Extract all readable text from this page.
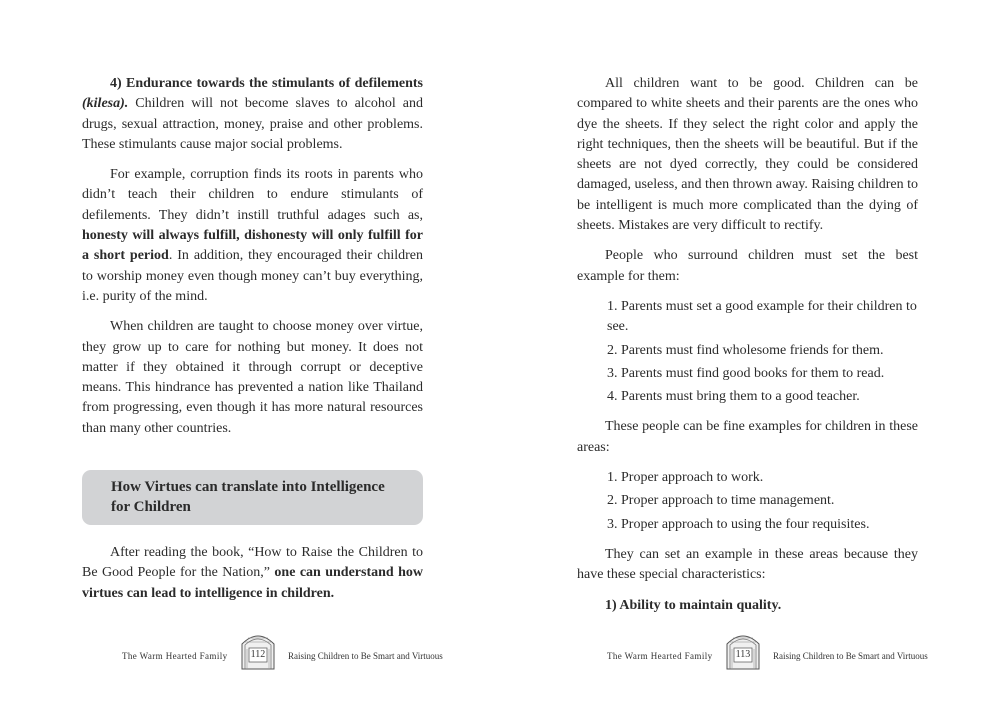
4) Endurance towards the stimulants of defilements (kilesa). Children will not become slaves to alcohol and drugs, sexual attraction, money, praise and other problems. These stimulants cause major social problems.

For example, corruption finds its roots in parents who didn’t teach their children to endure stimulants of defilements. They didn’t instill truthful adages such as, honesty will always fulfill, dishonesty will only fulfill for a short period. In addition, they encouraged their children to worship money even though money can’t buy everything, i.e. purity of the mind.

When children are taught to choose money over virtue, they grow up to care for nothing but money. It does not matter if they obtained it through corrupt or deceptive means. This hindrance has prevented a nation like Thailand from progressing, even though it has more natural resources than many other countries.

How Virtues can translate into Intelligence
for Children

After reading the book, “How to Raise the Children to Be Good People for the Nation,” one can understand how virtues can lead to intelligence in children.

The Warm Hearted Family	112	Raising Children to Be Smart and Virtuous

All children want to be good. Children can be compared to white sheets and their parents are the ones who dye the sheets. If they select the right color and apply the right techniques, then the sheets will be beautiful. But if the sheets are not dyed correctly, they could be considered damaged, useless, and then thrown away. Raising children to be intelligent is much more complicated than the dying of sheets. Mistakes are very difficult to rectify.

People who surround children must set the best example for them:

1. Parents must set a good example for their children to see.
2. Parents must find wholesome friends for them.
3. Parents must find good books for them to read.
4. Parents must bring them to a good teacher.

These people can be fine examples for children in these areas:

1. Proper approach to work.
2. Proper approach to time management.
3. Proper approach to using the four requisites.

They can set an example in these areas because they have these special characteristics:

1) Ability to maintain quality.

The Warm Hearted Family	113	Raising Children to Be Smart and Virtuous
